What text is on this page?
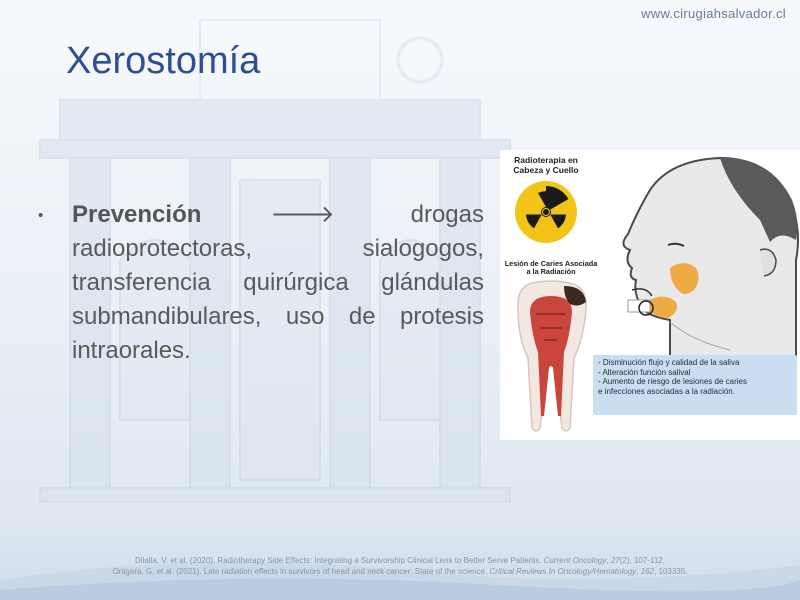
www.cirugiahsalvador.cl
Xerostomía
•	Prevención	🡒	drogas radioprotectoras, sialogogos, transferencia quirúrgica glándulas submandibulares, uso de protesis intraorales.
Radioterapia en Cabeza y Cuello
Lesión de Caries Asociada a la Radiación
- Disminución flujo y calidad de la saliva
- Alteración función salival
- Aumento de riesgo de lesiones de caries
e infecciones asociadas a la radiación.
Dilalla, V. et al. (2020). Radiotherapy Side Effects: Integrating a Survivorship Clinical Lens to Better Serve Patients. Current Oncology, 27(2), 107-112.
Ortigara, G. et al. (2021). Late radiation effects in survivors of head and neck cancer: State of the science. Critical Reviews In Oncology/Hematology, 162, 103335.
